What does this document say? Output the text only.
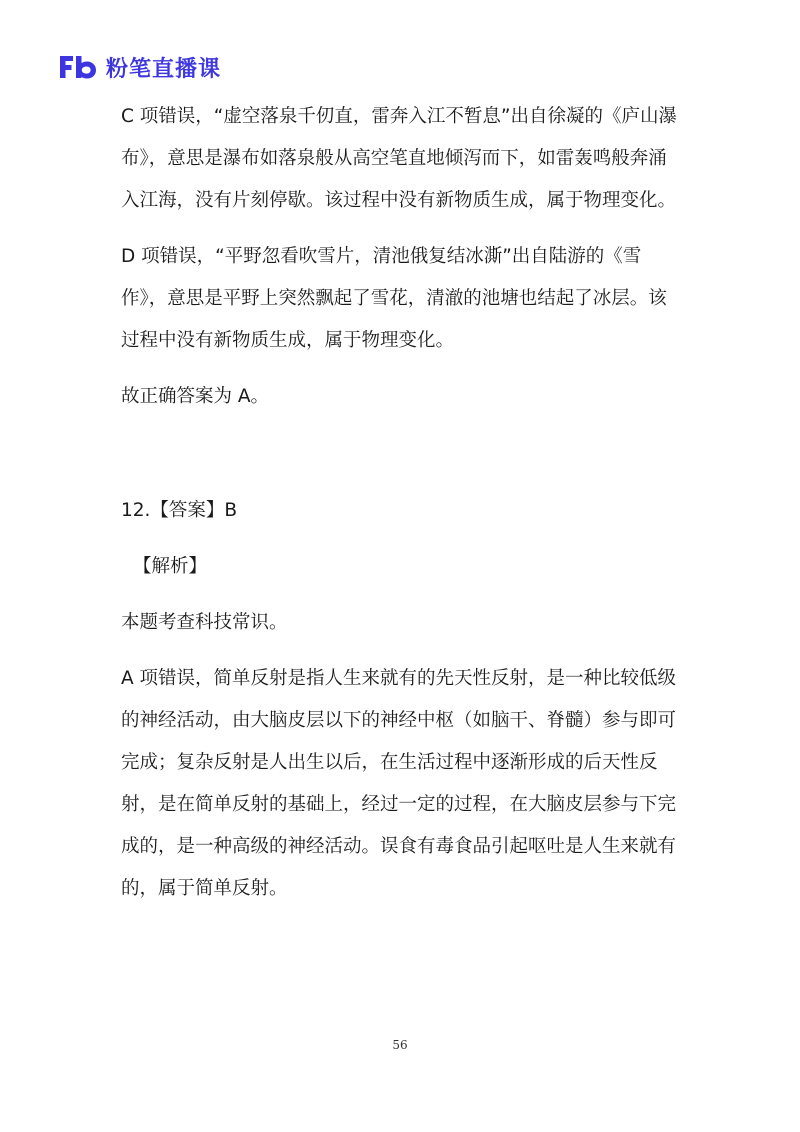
粉笔直播课

C 项错误，“虚空落泉千仞直，雷奔入江不暂息”出自徐凝的《庐山瀑布》，意思是瀑布如落泉般从高空笔直地倾泻而下，如雷轰鸣般奔涌入江海，没有片刻停歇。该过程中没有新物质生成，属于物理变化。

D 项错误，“平野忽看吹雪片，清池俄复结冰澌”出自陆游的《雪作》，意思是平野上突然飘起了雪花，清澈的池塘也结起了冰层。该过程中没有新物质生成，属于物理变化。

故正确答案为 A。

12.【答案】B

【解析】

本题考查科技常识。

A 项错误，简单反射是指人生来就有的先天性反射，是一种比较低级的神经活动，由大脑皮层以下的神经中枢（如脑干、脊髓）参与即可完成；复杂反射是人出生以后，在生活过程中逐渐形成的后天性反射，是在简单反射的基础上，经过一定的过程，在大脑皮层参与下完成的，是一种高级的神经活动。误食有毒食品引起呕吐是人生来就有的，属于简单反射。

56
